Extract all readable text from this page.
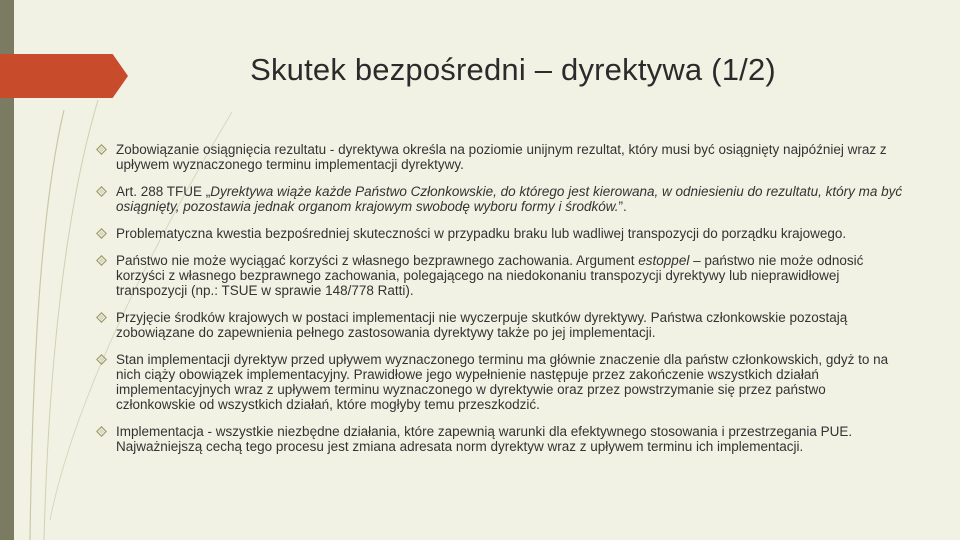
Skutek bezpośredni – dyrektywa (1/2)
Zobowiązanie osiągnięcia rezultatu - dyrektywa określa na poziomie unijnym rezultat, który musi być osiągnięty najpóźniej wraz z upływem wyznaczonego terminu implementacji dyrektywy.
Art. 288 TFUE „Dyrektywa wiąże każde Państwo Członkowskie, do którego jest kierowana, w odniesieniu do rezultatu, który ma być osiągnięty, pozostawia jednak organom krajowym swobodę wyboru formy i środków.”.
Problematyczna kwestia bezpośredniej skuteczności w przypadku braku lub wadliwej transpozycji do porządku krajowego.
Państwo nie może wyciągać korzyści z własnego bezprawnego zachowania. Argument estoppel – państwo nie może odnosić korzyści z własnego bezprawnego zachowania, polegającego na niedokonaniu transpozycji dyrektywy lub nieprawidłowej transpozycji (np.: TSUE w sprawie 148/778 Ratti).
Przyjęcie środków krajowych w postaci implementacji nie wyczerpuje skutków dyrektywy. Państwa członkowskie pozostają zobowiązane do zapewnienia pełnego zastosowania dyrektywy także po jej implementacji.
Stan implementacji dyrektyw przed upływem wyznaczonego terminu ma głównie znaczenie dla państw członkowskich, gdyż to na nich ciąży obowiązek implementacyjny. Prawidłowe jego wypełnienie następuje przez zakończenie wszystkich działań implementacyjnych wraz z upływem terminu wyznaczonego w dyrektywie oraz przez powstrzymanie się przez państwo członkowskie od wszystkich działań, które mogłyby temu przeszkodzić.
Implementacja - wszystkie niezbędne działania, które zapewnią warunki dla efektywnego stosowania i przestrzegania PUE. Najważniejszą cechą tego procesu jest zmiana adresata norm dyrektyw wraz z upływem terminu ich implementacji.
